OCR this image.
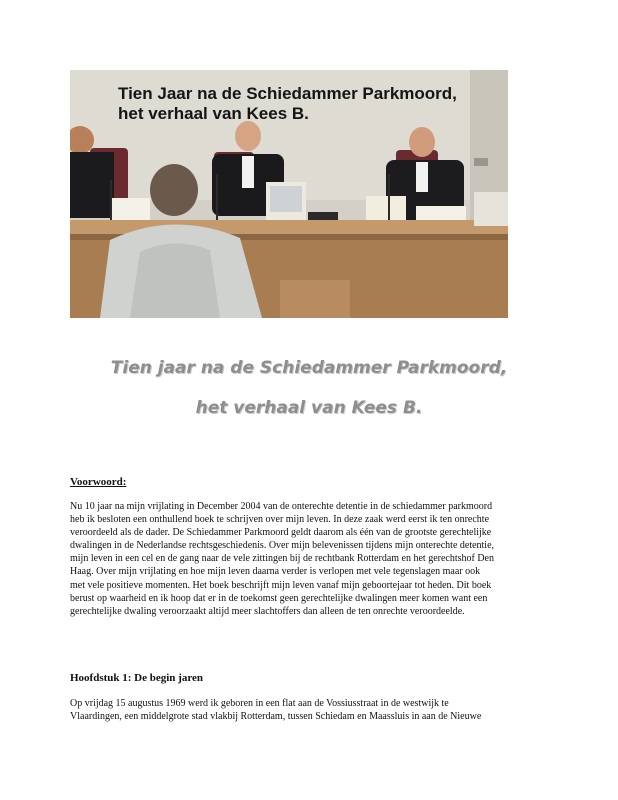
Tien Jaar na de Schiedammer Parkmoord,
het verhaal van Kees B.
Tien jaar na de Schiedammer Parkmoord,
het verhaal van Kees B.
Voorwoord:
Nu 10 jaar na mijn vrijlating in December 2004 van de onterechte detentie in de schiedammer parkmoord
heb ik besloten een onthullend boek te schrijven over mijn leven. In deze zaak werd eerst ik ten onrechte
veroordeeld als de dader. De Schiedammer Parkmoord geldt daarom als één van de grootste gerechtelijke
dwalingen in de Nederlandse rechtsgeschiedenis. Over mijn belevenissen tijdens mijn onterechte detentie,
mijn leven in een cel en de gang naar de vele zittingen bij de rechtbank Rotterdam en het gerechtshof Den
Haag. Over mijn vrijlating en hoe mijn leven daarna verder is verlopen met vele tegenslagen maar ook
met vele positieve momenten. Het boek beschrijft mijn leven vanaf mijn geboortejaar tot heden. Dit boek
berust op waarheid en ik hoop dat er in de toekomst geen gerechtelijke dwalingen meer komen want een
gerechtelijke dwaling veroorzaakt altijd meer slachtoffers dan alleen de ten onrechte veroordeelde.
Hoofdstuk 1: De begin jaren
Op vrijdag 15 augustus 1969 werd ik geboren in een flat aan de Vossiusstraat in de westwijk te
Vlaardingen, een middelgrote stad vlakbij Rotterdam, tussen Schiedam en Maassluis in aan de Nieuwe
